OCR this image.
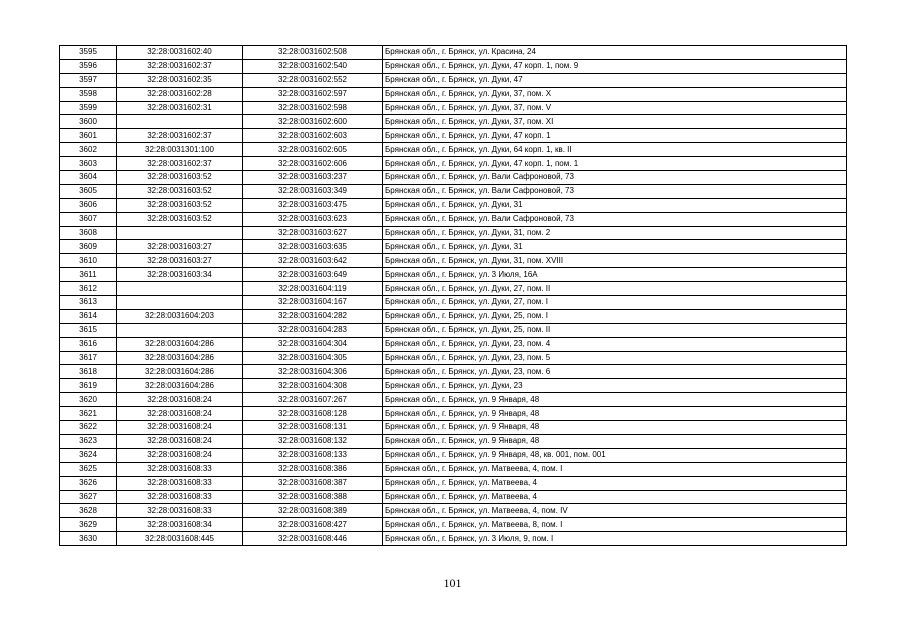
3595	32:28:0031602:40	32:28:0031602:508	Брянская обл., г. Брянск, ул. Красина, 24
3596	32:28:0031602:37	32:28:0031602:540	Брянская обл., г. Брянск, ул. Дуки, 47 корп. 1, пом. 9
3597	32:28:0031602:35	32:28:0031602:552	Брянская обл., г. Брянск, ул. Дуки, 47
3598	32:28:0031602:28	32:28:0031602:597	Брянская обл., г. Брянск, ул. Дуки, 37, пом. X
3599	32:28:0031602:31	32:28:0031602:598	Брянская обл., г. Брянск, ул. Дуки, 37, пом. V
3600		32:28:0031602:600	Брянская обл., г. Брянск, ул. Дуки, 37, пом. XI
3601	32:28:0031602:37	32:28:0031602:603	Брянская обл., г. Брянск, ул. Дуки, 47 корп. 1
3602	32:28:0031301:100	32:28:0031602:605	Брянская обл., г. Брянск, ул. Дуки, 64 корп. 1, кв. II
3603	32:28:0031602:37	32:28:0031602:606	Брянская обл., г. Брянск, ул. Дуки, 47 корп. 1, пом. 1
3604	32:28:0031603:52	32:28:0031603:237	Брянская обл., г. Брянск, ул. Вали Сафроновой, 73
3605	32:28:0031603:52	32:28:0031603:349	Брянская обл., г. Брянск, ул. Вали Сафроновой, 73
3606	32:28:0031603:52	32:28:0031603:475	Брянская обл., г. Брянск, ул. Дуки, 31
3607	32:28:0031603:52	32:28:0031603:623	Брянская обл., г. Брянск, ул. Вали Сафроновой, 73
3608		32:28:0031603:627	Брянская обл., г. Брянск, ул. Дуки, 31, пом. 2
3609	32:28:0031603:27	32:28:0031603:635	Брянская обл., г. Брянск, ул. Дуки, 31
3610	32:28:0031603:27	32:28:0031603:642	Брянская обл., г. Брянск, ул. Дуки, 31, пом. XVIII
3611	32:28:0031603:34	32:28:0031603:649	Брянская обл., г. Брянск, ул. 3 Июля, 16А
3612		32:28:0031604:119	Брянская обл., г. Брянск, ул. Дуки, 27, пом. II
3613		32:28:0031604:167	Брянская обл., г. Брянск, ул. Дуки, 27, пом. I
3614	32:28:0031604:203	32:28:0031604:282	Брянская обл., г. Брянск, ул. Дуки, 25, пом. I
3615		32:28:0031604:283	Брянская обл., г. Брянск, ул. Дуки, 25, пом. II
3616	32:28:0031604:286	32:28:0031604:304	Брянская обл., г. Брянск, ул. Дуки, 23, пом. 4
3617	32:28:0031604:286	32:28:0031604:305	Брянская обл., г. Брянск, ул. Дуки, 23, пом. 5
3618	32:28:0031604:286	32:28:0031604:306	Брянская обл., г. Брянск, ул. Дуки, 23, пом. 6
3619	32:28:0031604:286	32:28:0031604:308	Брянская обл., г. Брянск, ул. Дуки, 23
3620	32:28:0031608:24	32:28:0031607:267	Брянская обл., г. Брянск, ул. 9 Января, 48
3621	32:28:0031608:24	32:28:0031608:128	Брянская обл., г. Брянск, ул. 9 Января, 48
3622	32:28:0031608:24	32:28:0031608:131	Брянская обл., г. Брянск, ул. 9 Января, 48
3623	32:28:0031608:24	32:28:0031608:132	Брянская обл., г. Брянск, ул. 9 Января, 48
3624	32:28:0031608:24	32:28:0031608:133	Брянская обл., г. Брянск, ул. 9 Января, 48, кв. 001, пом. 001
3625	32:28:0031608:33	32:28:0031608:386	Брянская обл., г. Брянск, ул. Матвеева, 4, пом. I
3626	32:28:0031608:33	32:28:0031608:387	Брянская обл., г. Брянск, ул. Матвеева, 4
3627	32:28:0031608:33	32:28:0031608:388	Брянская обл., г. Брянск, ул. Матвеева, 4
3628	32:28:0031608:33	32:28:0031608:389	Брянская обл., г. Брянск, ул. Матвеева, 4, пом. IV
3629	32:28:0031608:34	32:28:0031608:427	Брянская обл., г. Брянск, ул. Матвеева, 8, пом. I
3630	32:28:0031608:445	32:28:0031608:446	Брянская обл., г. Брянск, ул. 3 Июля, 9, пом. I
101
